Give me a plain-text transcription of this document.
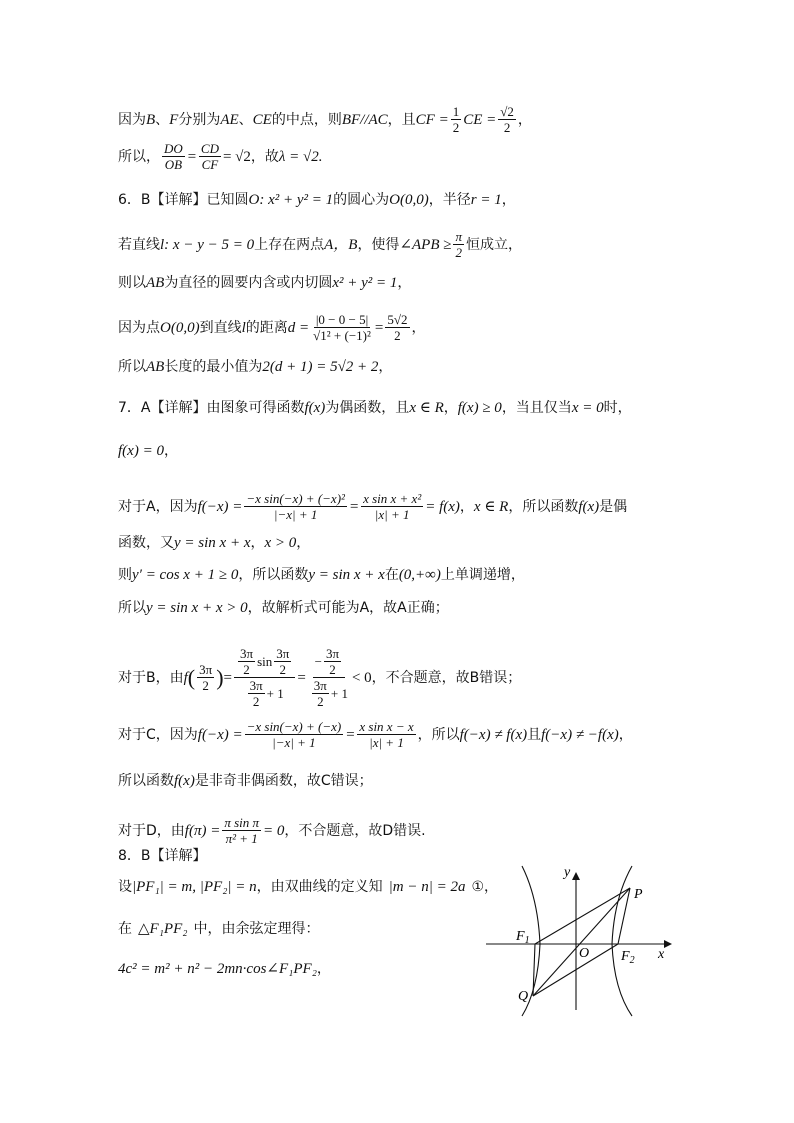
因为 B 、 F 分别为 AE 、 CE 的中点，则 BF//AC ，且 CF = $\frac{1}{2}$ CE = $\frac{√2}{2}$ ，
所以， $\frac{DO}{OB} = \frac{CD}{CF} = √2$ ，故 λ = √2.
6．B【详解】已知圆 O: x² + y² = 1 的圆心为 O(0,0) ，半径 r = 1 ，
若直线 l: x − y − 5 = 0 上存在两点 A，B ，使得 ∠APB ≥ $\frac{\pi}{2}$ 恒成立，
则以 AB 为直径的圆要内含或内切圆 x² + y² = 1 ，
因为点 O(0,0) 到直线 l 的距离 $d = \frac{|0 - 0 - 5|}{\text{√1² + (−1)²}} = \frac{5√2}{2}$ ，
所以 AB 长度的最小值为 2(d + 1) = 5√2 + 2 ，
7．A【详解】由图象可得函数 f(x) 为偶函数，且 x ∈ R ， f(x) ≥ 0 ，当且仅当 x = 0 时，
f(x) = 0 ，
对于A，因为 $f(-x) = \frac{\text{−x sin(−x) + (−x)²}}{|-x| + 1} = \frac{\text{x sin x + x²}}{|x| + 1} = f(x)$ ， x ∈ R ，所以函数 f(x) 是偶
函数，又 y = sin x + x ， x > 0 ，
则 y′ = cos x + 1 ≥ 0 ，所以函数 y = sin x + x 在 (0,+∞) 上单调递增，
所以 y = sin x + x > 0 ，故解析式可能为A，故A正确；
对于B，由 f ( $\frac{3\pi}{2}$ ) = $\frac{\frac{3\pi}{2} \sin \frac{3\pi}{2}}{\frac{3\pi}{2} + 1} = \frac{- \frac{3\pi}{2}}{\frac{3\pi}{2} + 1} < 0$ ，不合题意，故B错误；
对于C，因为 $f(-x) = \frac{\text{−x sin(−x) + (−x)}}{|-x| + 1} = \frac{\text{x sin x − x}}{|x| + 1}$ ，所以 f(−x) ≠ f(x) 且 f(−x) ≠ −f(x) ，
所以函数 f(x) 是非奇非偶函数，故C错误；
对于D，由 $f(\pi) = \frac{\text{π sin π}}{\text{π² + 1}} = 0$ ，不合题意，故D错误.
8．B【详解】
设 |PF₁| = m, |PF₂| = n ，由双曲线的定义知 |m − n| = 2a ①，
在 △F₁PF₂ 中，由余弦定理得：
4c² = m² + n² − 2mn·cos∠F₁PF₂ ，
y
x
P
Q
O
$F_1$
$F_2$
